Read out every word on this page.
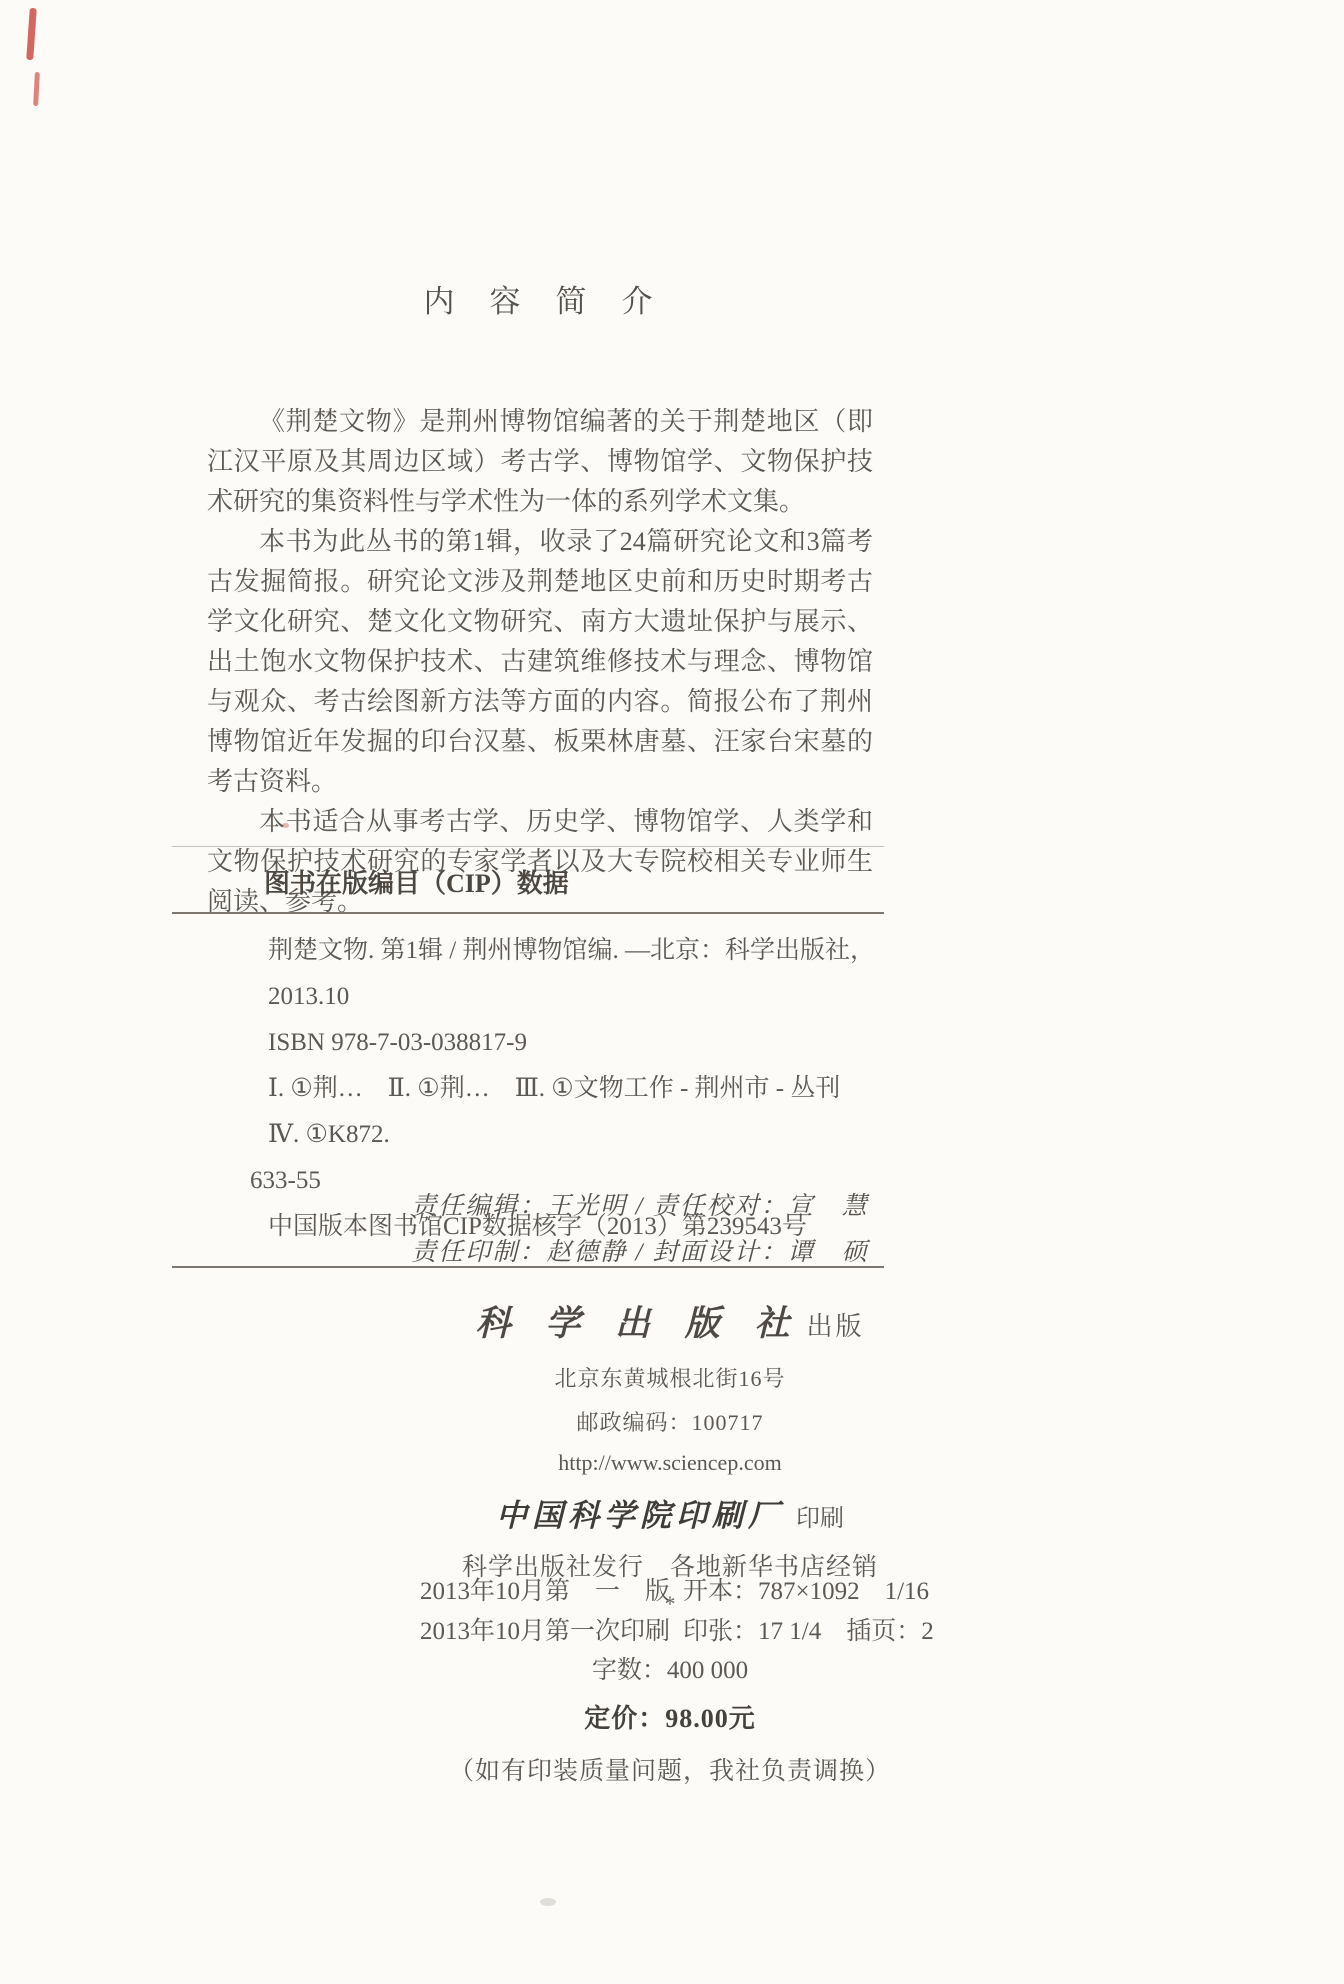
内　容　简　介

《荆楚文物》是荆州博物馆编著的关于荆楚地区（即江汉平原及其周边区域）考古学、博物馆学、文物保护技术研究的集资料性与学术性为一体的系列学术文集。

本书为此丛书的第1辑，收录了24篇研究论文和3篇考古发掘简报。研究论文涉及荆楚地区史前和历史时期考古学文化研究、楚文化文物研究、南方大遗址保护与展示、出土饱水文物保护技术、古建筑维修技术与理念、博物馆与观众、考古绘图新方法等方面的内容。简报公布了荆州博物馆近年发掘的印台汉墓、板栗林唐墓、汪家台宋墓的考古资料。

本书适合从事考古学、历史学、博物馆学、人类学和文物保护技术研究的专家学者以及大专院校相关专业师生阅读、参考。

图书在版编目（CIP）数据
荆楚文物. 第1辑 / 荆州博物馆编. —北京：科学出版社，2013.10
ISBN 978-7-03-038817-9
Ⅰ. ①荆…　Ⅱ. ①荆…　Ⅲ. ①文物工作 - 荆州市 - 丛刊　Ⅳ. ①K872.
633-55
中国版本图书馆CIP数据核字（2013）第239543号
责任编辑：王光明 / 责任校对：宣　慧
责任印制：赵德静 / 封面设计：谭　硕
科 学 出 版 社 出版
北京东黄城根北街16号
邮政编码：100717
http://www.sciencep.com
中国科学院印刷厂 印刷
科学出版社发行　各地新华书店经销
*
2013年10月第　一　版 开本：787×1092　1/16
2013年10月第一次印刷 印张：17 1/4　插页：2
字数：400 000
定价：98.00元
（如有印装质量问题，我社负责调换）
